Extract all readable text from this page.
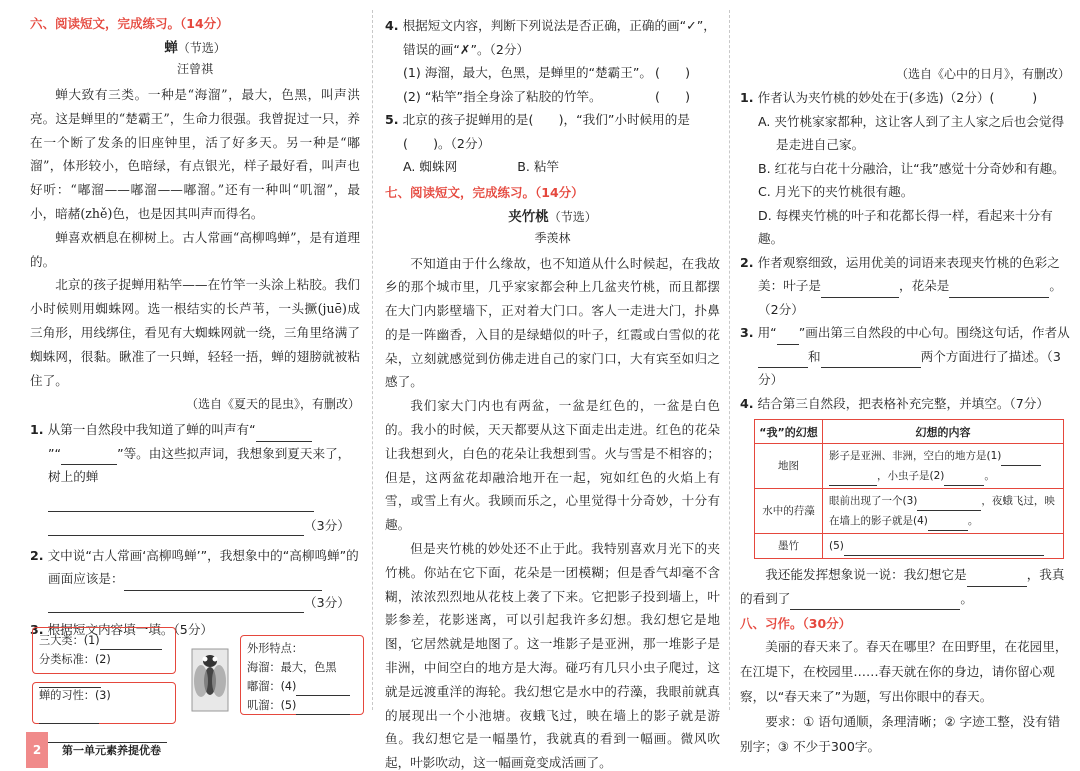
六、阅读短文，完成练习。（14分）
蝉（节选）
汪曾祺
蝉大致有三类。一种是“海溜”，最大，色黑，叫声洪亮。这是蝉里的“楚霸王”，生命力很强。我曾捉过一只，养在一个断了发条的旧座钟里，活了好多天。另一种是“嘟溜”，体形较小，色暗绿，有点银光，样子最好看，叫声也好听：“嘟溜——嘟溜——嘟溜。”还有一种叫“叽溜”，最小，暗赭(zhě)色，也是因其叫声而得名。
蝉喜欢栖息在柳树上。古人常画“高柳鸣蝉”，是有道理的。
北京的孩子捉蝉用粘竿——在竹竿一头涂上粘胶。我们小时候则用蜘蛛网。选一根结实的长芦苇，一头撅(juē)成三角形，用线绑住，看见有大蜘蛛网就一绕，三角里络满了蜘蛛网，很黏。瞅准了一只蝉，轻轻一捂，蝉的翅膀就被粘住了。
（选自《夏天的昆虫》，有删改）
1. 从第一自然段中我知道了蝉的叫声有“
”“	”等。由这些拟声词，我想象到夏天来了，树上的蝉
（3分）
2. 文中说“古人常画‘高柳鸣蝉’”，我想象中的“高柳鸣蝉”的画面应该是：
（3分）
3. 根据短文内容填一填。（5分）
三大类：(1)
分类标准：(2)
蝉的习性：(3)
外形特点：
海溜：最大，色黑
嘟溜：(4)
叽溜：(5)
4. 根据短文内容，判断下列说法是否正确，正确的画“✓”，错误的画“✗”。（2分）
(1) 海溜，最大，色黑，是蝉里的“楚霸王”。 (　　)
(2) “粘竿”指全身涂了粘胶的竹竿。	(　　)
5. 北京的孩子捉蝉用的是(　　)，“我们”小时候用的是(　　)。（2分）
A. 蜘蛛网	B. 粘竿
七、阅读短文，完成练习。（14分）
夹竹桃（节选）
季羡林
不知道由于什么缘故，也不知道从什么时候起，在我故乡的那个城市里，几乎家家都会种上几盆夹竹桃，而且都摆在大门内影壁墙下，正对着大门口。客人一走进大门，扑鼻的是一阵幽香，入目的是绿蜡似的叶子，红霞或白雪似的花朵，立刻就感觉到仿佛走进自己的家门口，大有宾至如归之感了。
我们家大门内也有两盆，一盆是红色的，一盆是白色的。我小的时候，天天都要从这下面走出走进。红色的花朵让我想到火，白色的花朵让我想到雪。火与雪是不相容的；但是，这两盆花却融洽地开在一起，宛如红色的火焰上有雪，或雪上有火。我顾而乐之，心里觉得十分奇妙，十分有趣。
但是夹竹桃的妙处还不止于此。我特别喜欢月光下的夹竹桃。你站在它下面，花朵是一团模糊；但是香气却毫不含糊，浓浓烈烈地从花枝上袭了下来。它把影子投到墙上，叶影参差，花影迷离，可以引起我许多幻想。我幻想它是地图，它居然就是地图了。这一堆影子是亚洲，那一堆影子是非洲，中间空白的地方是大海。碰巧有几只小虫子爬过，这就是远渡重洋的海轮。我幻想它是水中的荇藻，我眼前就真的展现出一个小池塘。夜蛾飞过，映在墙上的影子就是游鱼。我幻想它是一幅墨竹，我就真的看到一幅画。微风吹起，叶影吹动，这一幅画竟变成活画了。
（选自《心中的日月》，有删改）
1. 作者认为夹竹桃的妙处在于(多选)（2分）(　　　)
A. 夹竹桃家家都种，这让客人到了主人家之后也会觉得是走进自己家。
B. 红花与白花十分融洽，让“我”感觉十分奇妙和有趣。
C. 月光下的夹竹桃很有趣。
D. 每棵夹竹桃的叶子和花都长得一样，看起来十分有趣。
2. 作者观察细致，运用优美的词语来表现夹竹桃的色彩之美：叶子是	，花朵是	。（2分）
3. 用“ ”画出第三自然段的中心句。围绕这句话，作者从和	两个方面进行了描述。（3分）
4. 结合第三自然段，把表格补充完整，并填空。（7分）
“我”的幻想	幻想的内容
地图	影子是亚洲、非洲，空白的地方是(1)
，小虫子是(2) 。
水中的荇藻	眼前出现了一个(3) ，夜蛾飞过，映在墙上的影子就是(4) 。
墨竹	(5)
我还能发挥想象说一说：我幻想它是	，我真的看到了	。
八、习作。（30分）
美丽的春天来了。春天在哪里？在田野里，在花园里，在江堤下，在校园里……春天就在你的身边，请你留心观察，以“春天来了”为题，写出你眼中的春天。
要求：① 语句通顺，条理清晰；② 字迹工整，没有错别字；③ 不少于300字。
2	第一单元素养提优卷
